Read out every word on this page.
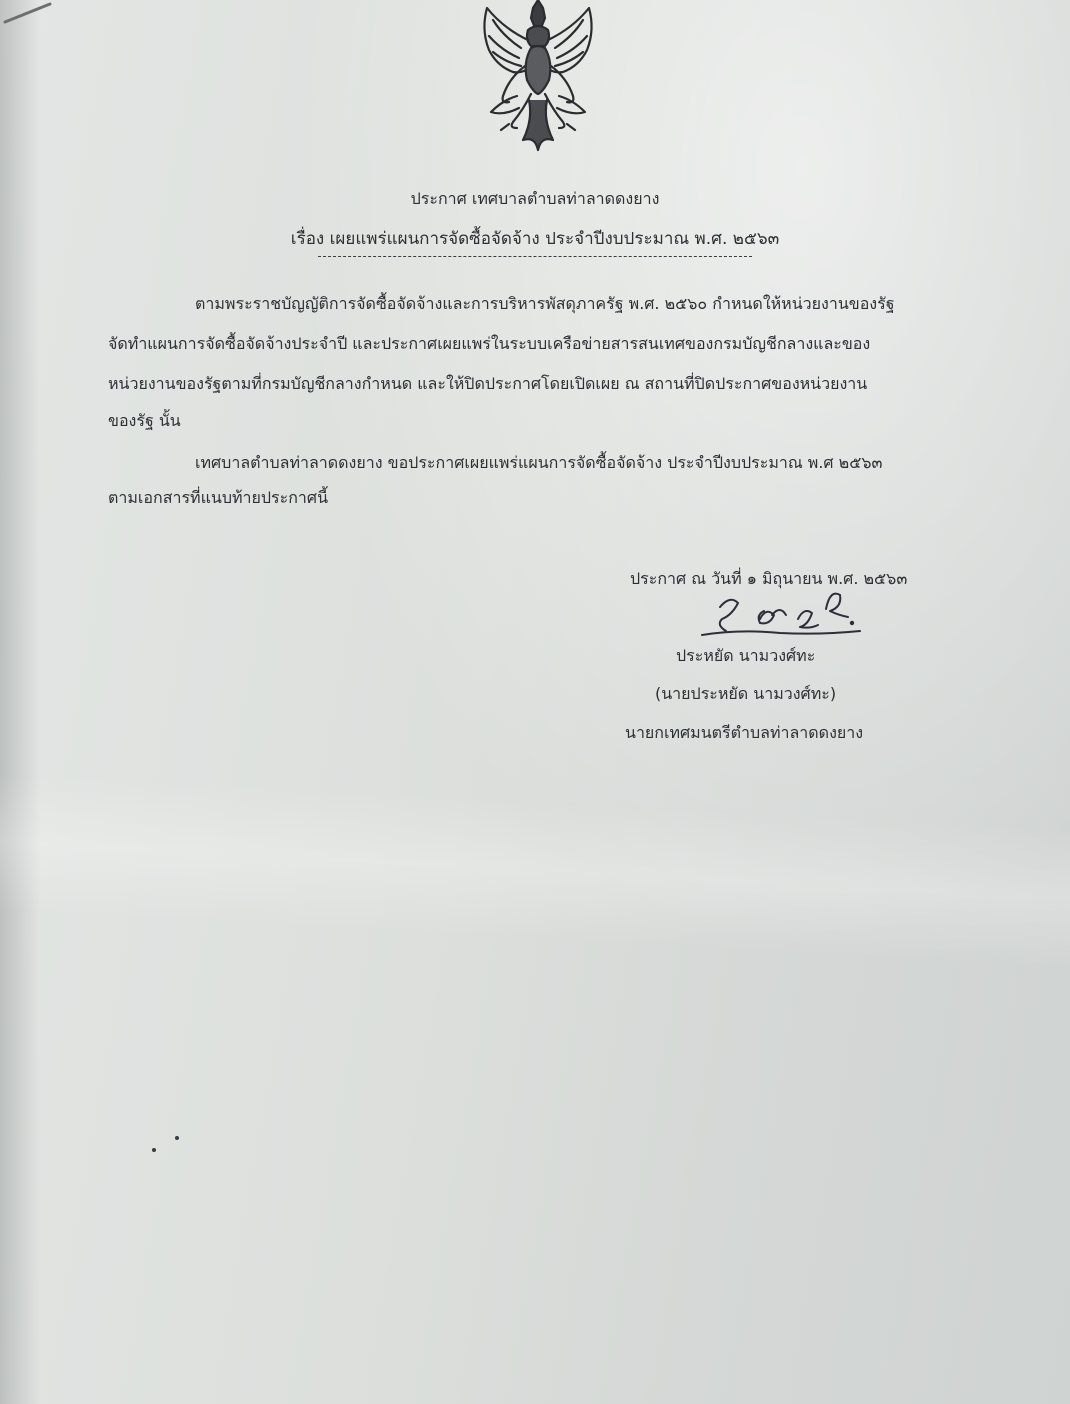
ประกาศ เทศบาลตำบลท่าลาดดงยาง
เรื่อง เผยแพร่แผนการจัดซื้อจัดจ้าง ประจำปีงบประมาณ พ.ศ. ๒๕๖๓
ตามพระราชบัญญัติการจัดซื้อจัดจ้างและการบริหารพัสดุภาครัฐ พ.ศ. ๒๕๖๐ กำหนดให้หน่วยงานของรัฐ
จัดทำแผนการจัดซื้อจัดจ้างประจำปี และประกาศเผยแพร่ในระบบเครือข่ายสารสนเทศของกรมบัญชีกลางและของ
หน่วยงานของรัฐตามที่กรมบัญชีกลางกำหนด และให้ปิดประกาศโดยเปิดเผย ณ สถานที่ปิดประกาศของหน่วยงาน
ของรัฐ นั้น
เทศบาลตำบลท่าลาดดงยาง ขอประกาศเผยแพร่แผนการจัดซื้อจัดจ้าง ประจำปีงบประมาณ พ.ศ ๒๕๖๓
ตามเอกสารที่แนบท้ายประกาศนี้
ประกาศ ณ วันที่ ๑ มิถุนายน พ.ศ. ๒๕๖๓
ประหยัด นามวงศ์ทะ
(นายประหยัด นามวงศ์ทะ)
นายกเทศมนตรีตำบลท่าลาดดงยาง
